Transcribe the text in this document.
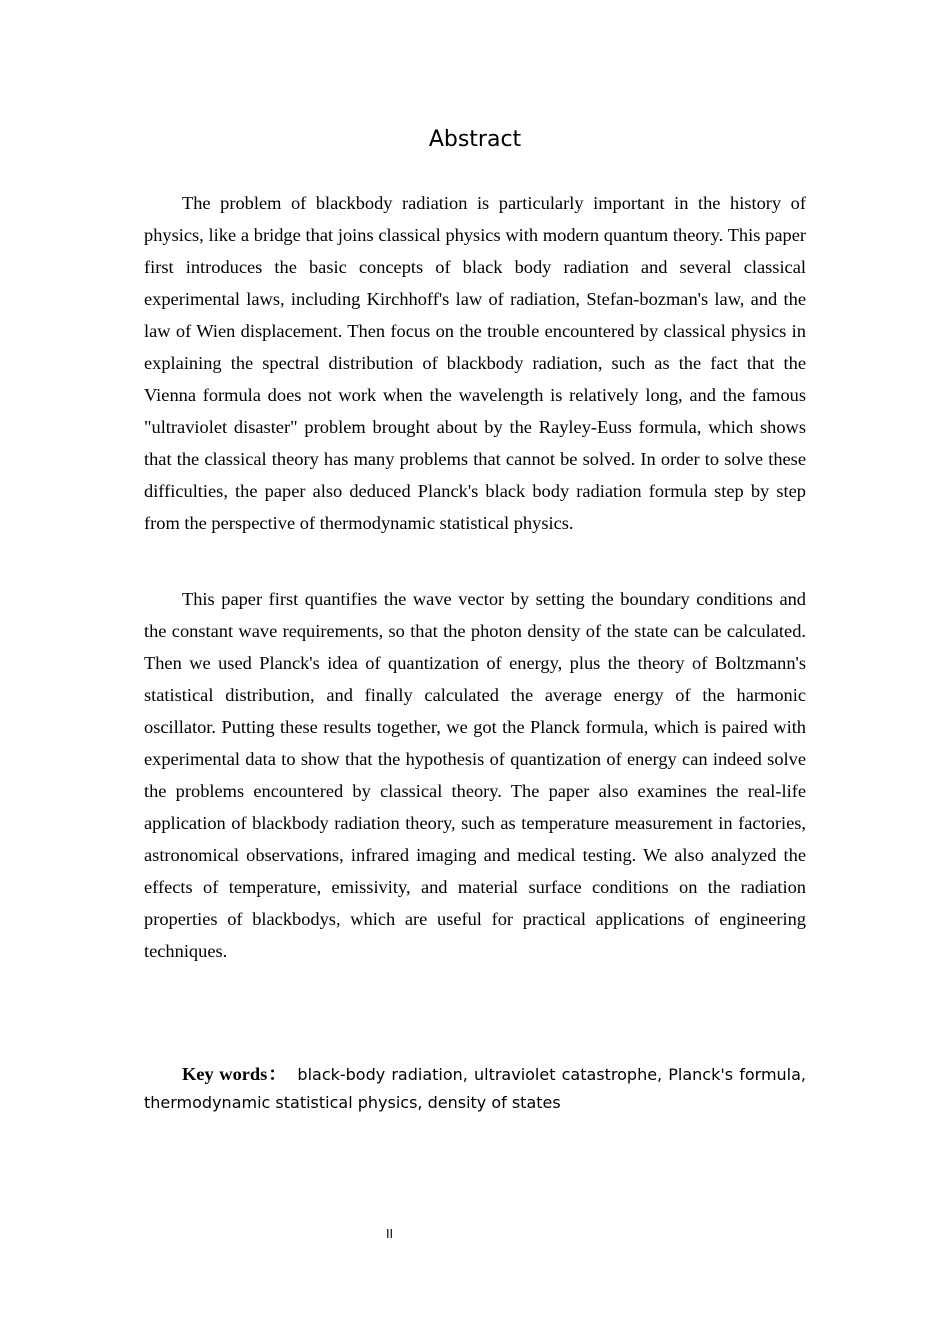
Abstract

The problem of blackbody radiation is particularly important in the history of physics, like a bridge that joins classical physics with modern quantum theory. This paper first introduces the basic concepts of black body radiation and several classical experimental laws, including Kirchhoff's law of radiation, Stefan-bozman's law, and the law of Wien displacement. Then focus on the trouble encountered by classical physics in explaining the spectral distribution of blackbody radiation, such as the fact that the Vienna formula does not work when the wavelength is relatively long, and the famous "ultraviolet disaster" problem brought about by the Rayley-Euss formula, which shows that the classical theory has many problems that cannot be solved. In order to solve these difficulties, the paper also deduced Planck's black body radiation formula step by step from the perspective of thermodynamic statistical physics.

This paper first quantifies the wave vector by setting the boundary conditions and the constant wave requirements, so that the photon density of the state can be calculated. Then we used Planck's idea of quantization of energy, plus the theory of Boltzmann's statistical distribution, and finally calculated the average energy of the harmonic oscillator. Putting these results together, we got the Planck formula, which is paired with experimental data to show that the hypothesis of quantization of energy can indeed solve the problems encountered by classical theory. The paper also examines the real-life application of blackbody radiation theory, such as temperature measurement in factories, astronomical observations, infrared imaging and medical testing. We also analyzed the effects of temperature, emissivity, and material surface conditions on the radiation properties of blackbodys, which are useful for practical applications of engineering techniques.

Key words： black-body radiation, ultraviolet catastrophe, Planck's formula, thermodynamic statistical physics, density of states

II
